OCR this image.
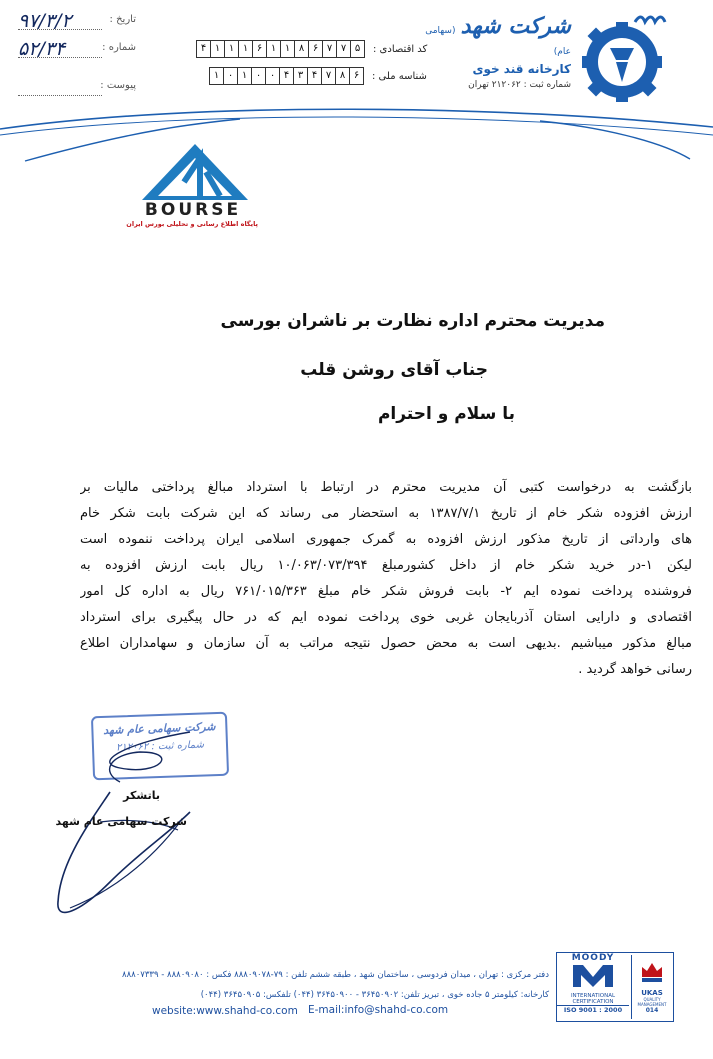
۹۷/۳/۲	تاریخ :
۵۲/۳۴	شماره :
پیوست :
۴ ۱ ۱ ۱ ۶ ۱ ۱ ۸ ۶ ۷ ۷ ۵	کد اقتصادی :
۱ ۰ ۱ ۰ ۰ ۴ ۳ ۴ ۷ ۸ ۶	شناسه ملی :
شرکت شهد (سهامی عام)
کارخانه قند خوی
شماره ثبت : ۲۱۲۰۶۲ تهران
BOURSE
پایگاه اطلاع رسانی و تحلیلی بورس ایران
مدیریت محترم اداره نظارت بر ناشران بورسی
جناب آقای روشن قلب
با سلام و احترام
بازگشت به درخواست کتبی آن مدیریت محترم در ارتباط با استرداد مبالغ پرداختی مالیات بر
ارزش افزوده شکر خام از تاریخ ۱۳۸۷/۷/۱ به استحضار می رساند که این شرکت بابت شکر خام
های وارداتی از تاریخ مذکور ارزش افزوده به گمرک جمهوری اسلامی ایران پرداخت ننموده است
لیکن ۱-در خرید شکر خام از داخل کشورمبلغ ۱۰/۰۶۳/۰۷۳/۳۹۴ ریال بابت ارزش افزوده به
فروشنده پرداخت نموده ایم ۲- بابت فروش شکر خام مبلغ ۷۶۱/۰۱۵/۳۶۳ ریال به اداره کل امور
اقتصادی و دارایی استان آذربایجان غربی خوی پرداخت نموده ایم که در حال پیگیری برای استرداد
مبالغ مذکور میباشیم .بدیهی است به محض حصول نتیجه مراتب به آن سازمان و سهامداران اطلاع
رسانی خواهد گردید .
شرکت سهامی عام شهد
شماره ثبت : ۲۱۲۰۶۲
باتشکر
شرکت سهامی عام شهد
دفتر مرکزی : تهران ، میدان فردوسی ، ساختمان شهد ، طبقه ششم تلفن : ۷۹-۸۸۸۰۹۰۷۸ فکس : ۸۸۸۰۹۰۸۰ - ۸۸۸۰۷۳۳۹
کارخانه: کیلومتر ۵ جاده خوی ، تبریز تلفن: ۳۶۴۵۰۹۰۲ - ۳۶۴۵۰۹۰۰ (۰۴۴) تلفکس: ۳۶۴۵۰۹۰۵ (۰۴۴)
website:www.shahd-co.com E-mail:info@shahd-co.com
MOODY
INTERNATIONAL
CERTIFICATION
ISO 9001 : 2000
UKAS
QUALITY MANAGEMENT
014
